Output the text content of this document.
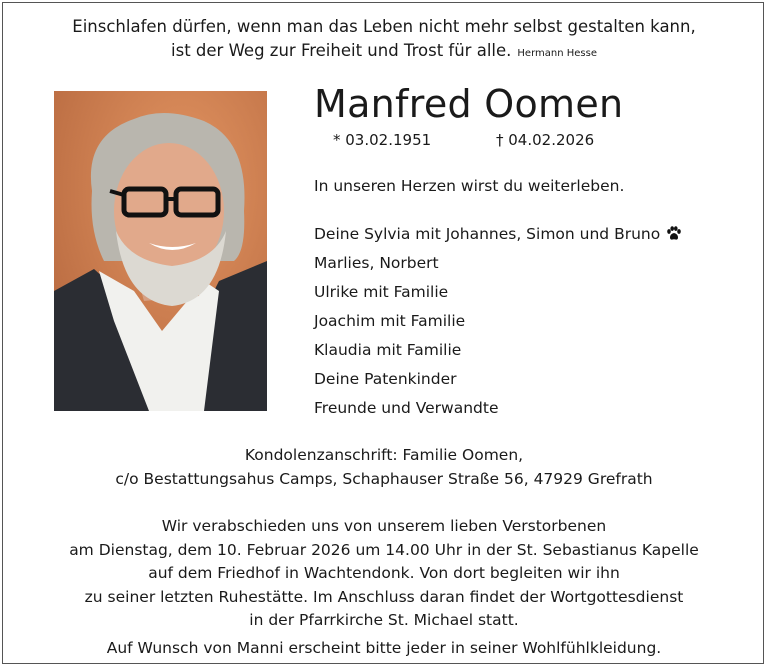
Einschlafen dürfen, wenn man das Leben nicht mehr selbst gestalten kann,
ist der Weg zur Freiheit und Trost für alle. Hermann Hesse
Manfred Oomen
* 03.02.1951	† 04.02.2026
In unseren Herzen wirst du weiterleben.
Deine Sylvia mit Johannes, Simon und Bruno
Marlies, Norbert
Ulrike mit Familie
Joachim mit Familie
Klaudia mit Familie
Deine Patenkinder
Freunde und Verwandte
Kondolenzanschrift: Familie Oomen,
c/o Bestattungsahus Camps, Schaphauser Straße 56, 47929 Grefrath
Wir verabschieden uns von unserem lieben Verstorbenen
am Dienstag, dem 10. Februar 2026 um 14.00 Uhr in der St. Sebastianus Kapelle
auf dem Friedhof in Wachtendonk. Von dort begleiten wir ihn
zu seiner letzten Ruhestätte. Im Anschluss daran findet der Wortgottesdienst
in der Pfarrkirche St. Michael statt.
Auf Wunsch von Manni erscheint bitte jeder in seiner Wohlfühlkleidung.
